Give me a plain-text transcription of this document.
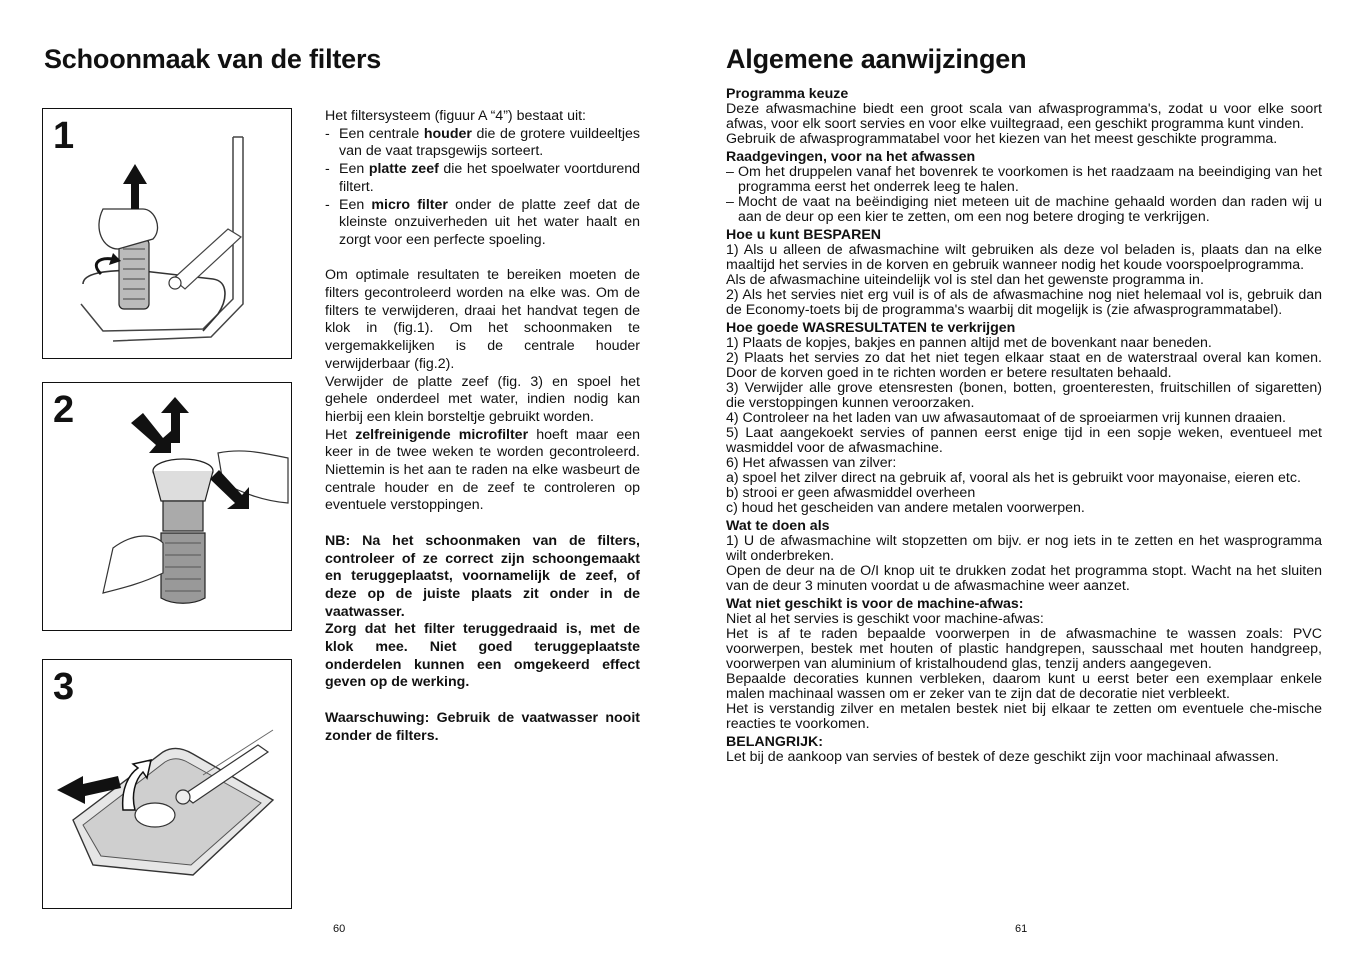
Schoonmaak van de filters
1
2
3

Het filtersysteem (figuur A “4”) bestaat uit:

- Een centrale houder die de grotere vuildeeltjes van de vaat trapsgewijs sorteert.
- Een platte zeef die het spoelwater voortdurend filtert.
- Een micro filter onder de platte zeef dat de kleinste onzuiverheden uit het water haalt en zorgt voor een perfecte spoeling.

Om optimale resultaten te bereiken moeten de filters gecontroleerd worden na elke was. Om de filters te verwijderen, draai het handvat tegen de klok in (fig.1). Om het schoonmaken te vergemakkelijken is de centrale houder verwijderbaar (fig.2).

Verwijder de platte zeef (fig. 3) en spoel het gehele onderdeel met water, indien nodig kan hierbij een klein borsteltje gebruikt worden.

Het zelfreinigende microfilter hoeft maar een keer in de twee weken te worden gecontroleerd. Niettemin is het aan te raden na elke wasbeurt de centrale houder en de zeef te controleren op eventuele verstoppingen.

NB: Na het schoonmaken van de filters, controleer of ze correct zijn schoongemaakt en teruggeplaatst, voornamelijk de zeef, of deze op de juiste plaats zit onder in de vaatwasser.

Zorg dat het filter teruggedraaid is, met de klok mee. Niet goed teruggeplaatste onderdelen kunnen een omgekeerd effect geven op de werking.

Waarschuwing: Gebruik de vaatwasser nooit zonder de filters.

60
Algemene aanwijzingen
Programma keuze

Deze afwasmachine biedt een groot scala van afwasprogramma's, zodat u voor elke soort afwas, voor elk soort servies en voor elke vuiltegraad, een geschikt programma kunt vinden.

Gebruik de afwasprogrammatabel voor het kiezen van het meest geschikte programma.

Raadgevingen, voor na het afwassen
– Om het druppelen vanaf het bovenrek te voorkomen is het raadzaam na beeindiging van het programma eerst het onderrek leeg te halen.
– Mocht de vaat na beëindiging niet meteen uit de machine gehaald worden dan raden wij u aan de deur op een kier te zetten, om een nog betere droging te verkrijgen.
Hoe u kunt BESPAREN

1) Als u alleen de afwasmachine wilt gebruiken als deze vol beladen is, plaats dan na elke maaltijd het servies in de korven en gebruik wanneer nodig het koude voorspoelprogramma.

Als de afwasmachine uiteindelijk vol is stel dan het gewenste programma in.

2) Als het servies niet erg vuil is of als de afwasmachine nog niet helemaal vol is, gebruik dan de Economy-toets bij de programma's waarbij dit mogelijk is (zie afwasprogrammatabel).

Hoe goede WASRESULTATEN te verkrijgen

1) Plaats de kopjes, bakjes en pannen altijd met de bovenkant naar beneden.

2) Plaats het servies zo dat het niet tegen elkaar staat en de waterstraal overal kan komen. Door de korven goed in te richten worden er betere resultaten behaald.

3) Verwijder alle grove etensresten (bonen, botten, groenteresten, fruitschillen of sigaretten) die verstoppingen kunnen veroorzaken.

4) Controleer na het laden van uw afwasautomaat of de sproeiarmen vrij kunnen draaien.

5) Laat aangekoekt servies of pannen eerst enige tijd in een sopje weken, eventueel met wasmiddel voor de afwasmachine.

6) Het afwassen van zilver:

a) spoel het zilver direct na gebruik af, vooral als het is gebruikt voor mayonaise, eieren etc.

b) strooi er geen afwasmiddel overheen

c) houd het gescheiden van andere metalen voorwerpen.

Wat te doen als

1) U de afwasmachine wilt stopzetten om bijv. er nog iets in te zetten en het wasprogramma wilt onderbreken.

Open de deur na de O/I knop uit te drukken zodat het programma stopt. Wacht na het sluiten van de deur 3 minuten voordat u de afwasmachine weer aanzet.

Wat niet geschikt is voor de machine-afwas:

Niet al het servies is geschikt voor machine-afwas:

Het is af te raden bepaalde voorwerpen in de afwasmachine te wassen zoals: PVC voorwerpen, bestek met houten of plastic handgrepen, sausschaal met houten handgreep, voorwerpen van aluminium of kristalhoudend glas, tenzij anders aangegeven.

Bepaalde decoraties kunnen verbleken, daarom kunt u eerst beter een exemplaar enkele malen machinaal wassen om er zeker van te zijn dat de decoratie niet verbleekt.

Het is verstandig zilver en metalen bestek niet bij elkaar te zetten om eventuele che-mische reacties te voorkomen.

BELANGRIJK:

Let bij de aankoop van servies of bestek of deze geschikt zijn voor machinaal afwassen.

61
